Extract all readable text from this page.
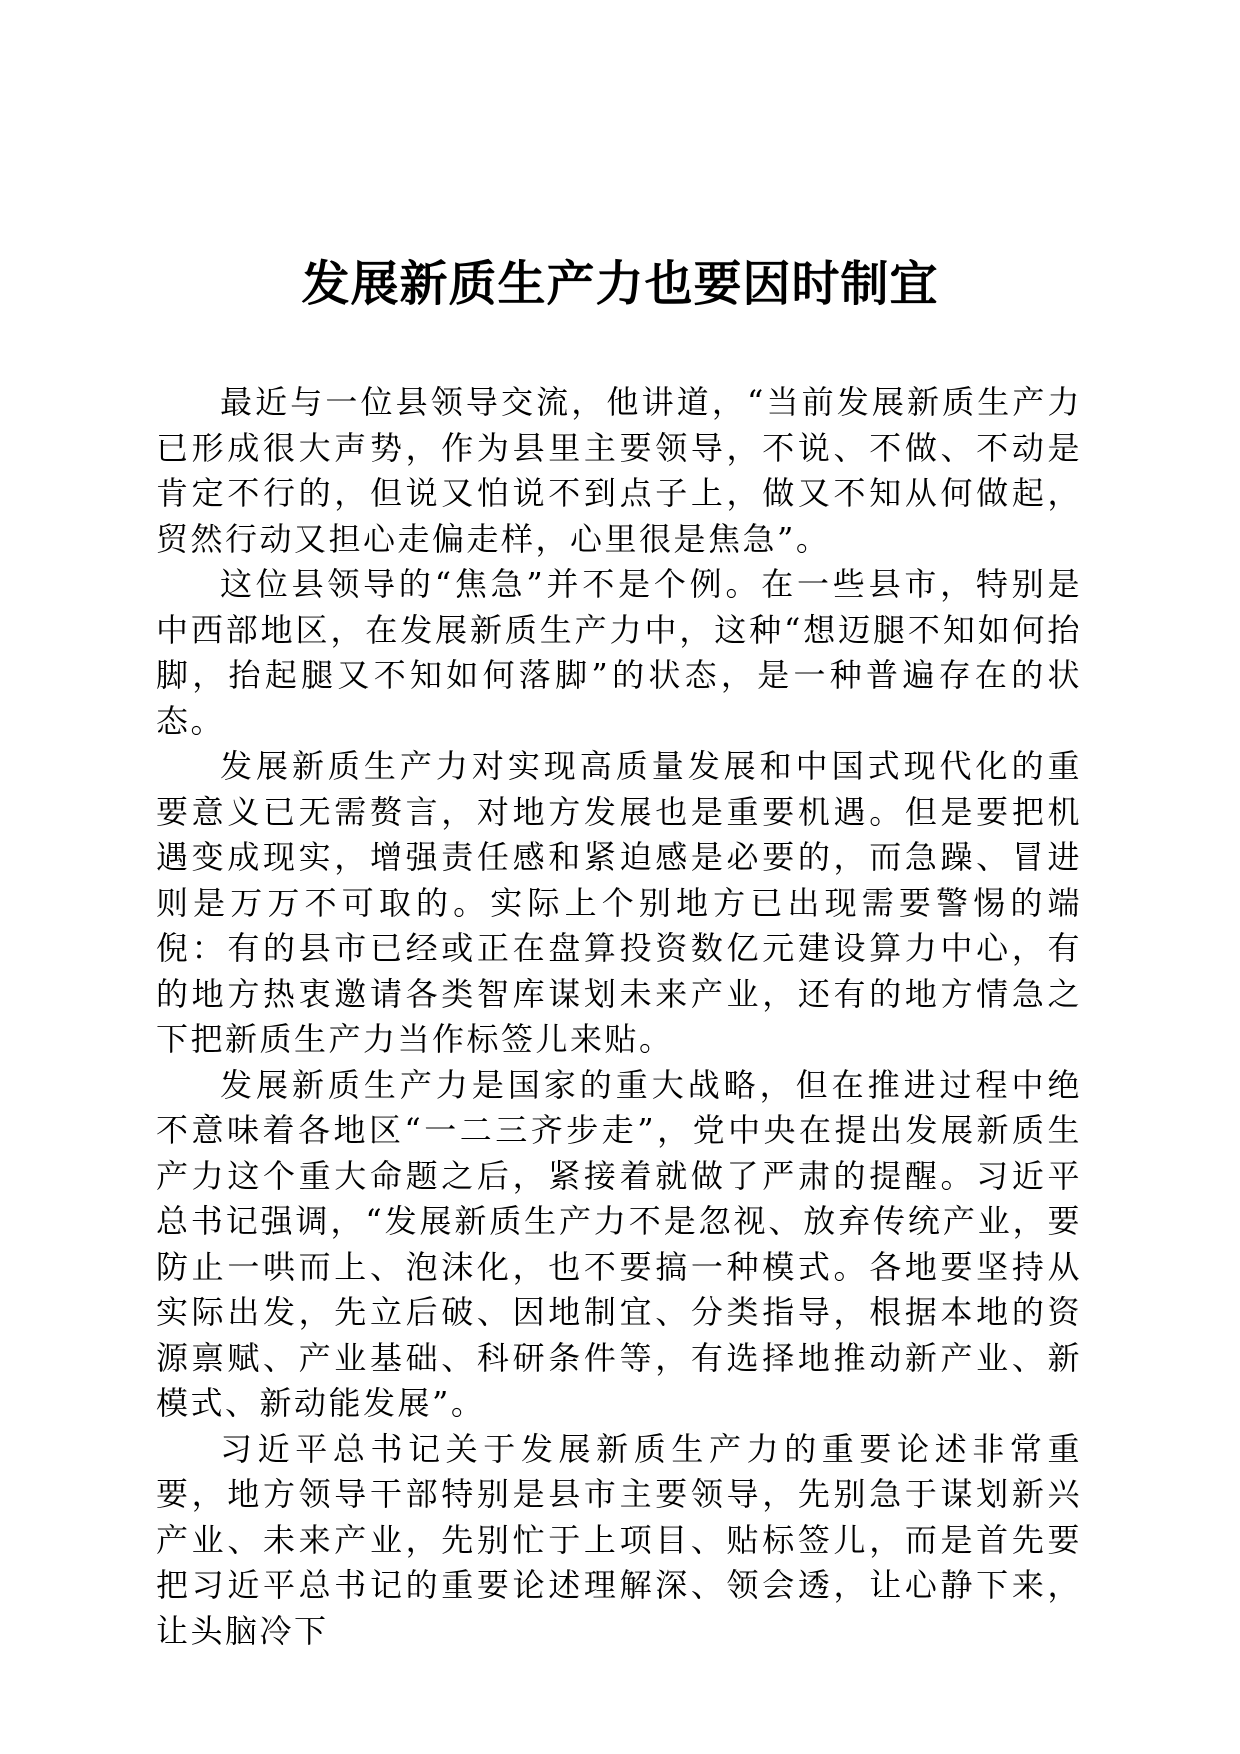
发展新质生产力也要因时制宜

最近与一位县领导交流，他讲道，“当前发展新质生产力已形成很大声势，作为县里主要领导，不说、不做、不动是肯定不行的，但说又怕说不到点子上，做又不知从何做起，贸然行动又担心走偏走样，心里很是焦急”。

这位县领导的“焦急”并不是个例。在一些县市，特别是中西部地区，在发展新质生产力中，这种“想迈腿不知如何抬脚，抬起腿又不知如何落脚”的状态，是一种普遍存在的状态。

发展新质生产力对实现高质量发展和中国式现代化的重要意义已无需赘言，对地方发展也是重要机遇。但是要把机遇变成现实，增强责任感和紧迫感是必要的，而急躁、冒进则是万万不可取的。实际上个别地方已出现需要警惕的端倪：有的县市已经或正在盘算投资数亿元建设算力中心，有的地方热衷邀请各类智库谋划未来产业，还有的地方情急之下把新质生产力当作标签儿来贴。

发展新质生产力是国家的重大战略，但在推进过程中绝不意味着各地区“一二三齐步走”，党中央在提出发展新质生产力这个重大命题之后，紧接着就做了严肃的提醒。习近平总书记强调，“发展新质生产力不是忽视、放弃传统产业，要防止一哄而上、泡沫化，也不要搞一种模式。各地要坚持从实际出发，先立后破、因地制宜、分类指导，根据本地的资源禀赋、产业基础、科研条件等，有选择地推动新产业、新模式、新动能发展”。

习近平总书记关于发展新质生产力的重要论述非常重要，地方领导干部特别是县市主要领导，先别急于谋划新兴产业、未来产业，先别忙于上项目、贴标签儿，而是首先要把习近平总书记的重要论述理解深、领会透，让心静下来，让头脑冷下
